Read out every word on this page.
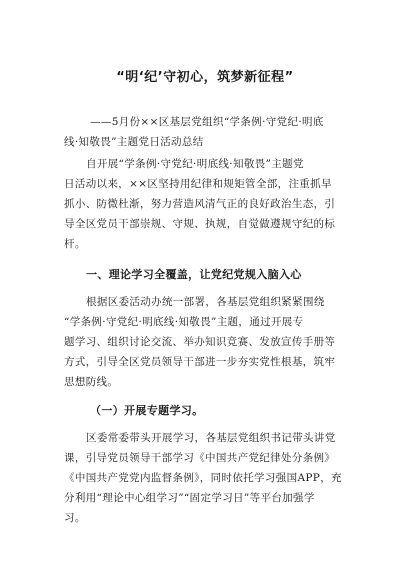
“明‘纪’守初心，筑梦新征程”
——5月份××区基层党组织“学条例·守党纪·明底
线·知敬畏”主题党日活动总结
自开展“学条例·守党纪·明底线·知敬畏”主题党
日活动以来，××区坚持用纪律和规矩管全部，注重抓早
抓小、防微杜渐，努力营造风清气正的良好政治生态，引
导全区党员干部崇规、守规、执规，自觉做遵规守纪的标
杆。
一、理论学习全覆盖，让党纪党规入脑入心
根据区委活动办统一部署，各基层党组织紧紧围绕
“学条例·守党纪·明底线·知敬畏”主题，通过开展专
题学习、组织讨论交流、举办知识竞赛、发放宣传手册等
方式，引导全区党员领导干部进一步夯实党性根基，筑牢
思想防线。
（一）开展专题学习。
区委常委带头开展学习，各基层党组织书记带头讲党
课，引导党员领导干部学习《中国共产党纪律处分条例》
《中国共产党党内监督条例》，同时依托学习强国APP，充
分利用“理论中心组学习”“固定学习日”等平台加强学
习。
